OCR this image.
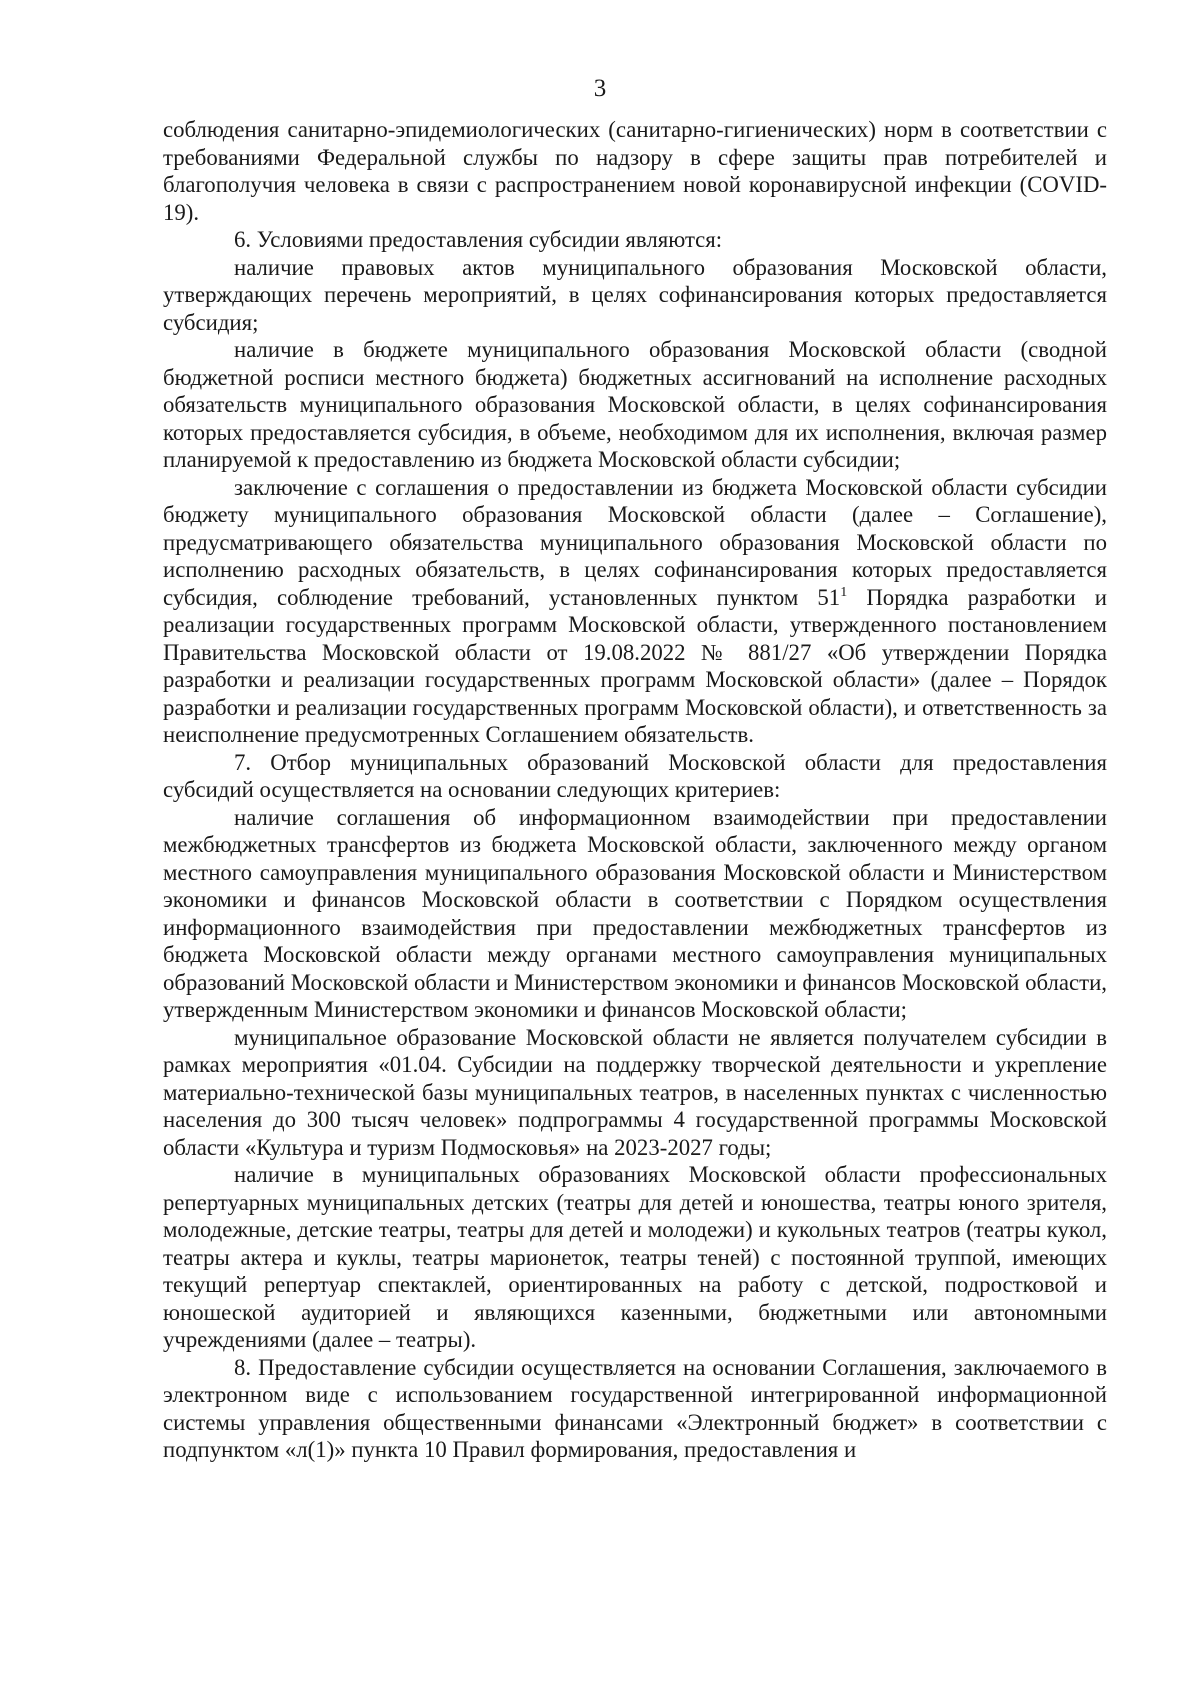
3

соблюдения санитарно-эпидемиологических (санитарно-гигиенических) норм в соответствии с требованиями Федеральной службы по надзору в сфере защиты прав потребителей и благополучия человека в связи с распространением новой коронавирусной инфекции (COVID-19).

6. Условиями предоставления субсидии являются:

наличие правовых актов муниципального образования Московской области, утверждающих перечень мероприятий, в целях софинансирования которых предоставляется субсидия;

наличие в бюджете муниципального образования Московской области (сводной бюджетной росписи местного бюджета) бюджетных ассигнований на исполнение расходных обязательств муниципального образования Московской области, в целях софинансирования которых предоставляется субсидия, в объеме, необходимом для их исполнения, включая размер планируемой к предоставлению из бюджета Московской области субсидии;

заключение с соглашения о предоставлении из бюджета Московской области субсидии бюджету муниципального образования Московской области (далее – Соглашение), предусматривающего обязательства муниципального образования Московской области по исполнению расходных обязательств, в целях софинансирования которых предоставляется субсидия, соблюдение требований, установленных пунктом $51^1$ Порядка разработки и реализации государственных программ Московской области, утвержденного постановлением Правительства Московской области от 19.08.2022 № 881/27 «Об утверждении Порядка разработки и реализации государственных программ Московской области» (далее – Порядок разработки и реализации государственных программ Московской области), и ответственность за неисполнение предусмотренных Соглашением обязательств.

7. Отбор муниципальных образований Московской области для предоставления субсидий осуществляется на основании следующих критериев:

наличие соглашения об информационном взаимодействии при предоставлении межбюджетных трансфертов из бюджета Московской области, заключенного между органом местного самоуправления муниципального образования Московской области и Министерством экономики и финансов Московской области в соответствии с Порядком осуществления информационного взаимодействия при предоставлении межбюджетных трансфертов из бюджета Московской области между органами местного самоуправления муниципальных образований Московской области и Министерством экономики и финансов Московской области, утвержденным Министерством экономики и финансов Московской области;

муниципальное образование Московской области не является получателем субсидии в рамках мероприятия «01.04. Субсидии на поддержку творческой деятельности и укрепление материально-технической базы муниципальных театров, в населенных пунктах с численностью населения до 300 тысяч человек» подпрограммы 4 государственной программы Московской области «Культура и туризм Подмосковья» на 2023-2027 годы;

наличие в муниципальных образованиях Московской области профессиональных репертуарных муниципальных детских (театры для детей и юношества, театры юного зрителя, молодежные, детские театры, театры для детей и молодежи) и кукольных театров (театры кукол, театры актера и куклы, театры марионеток, театры теней) с постоянной труппой, имеющих текущий репертуар спектаклей, ориентированных на работу с детской, подростковой и юношеской аудиторией и являющихся казенными, бюджетными или автономными учреждениями (далее – театры).

8. Предоставление субсидии осуществляется на основании Соглашения, заключаемого в электронном виде с использованием государственной интегрированной информационной системы управления общественными финансами «Электронный бюджет» в соответствии с подпунктом «л(1)» пункта 10 Правил формирования, предоставления и
